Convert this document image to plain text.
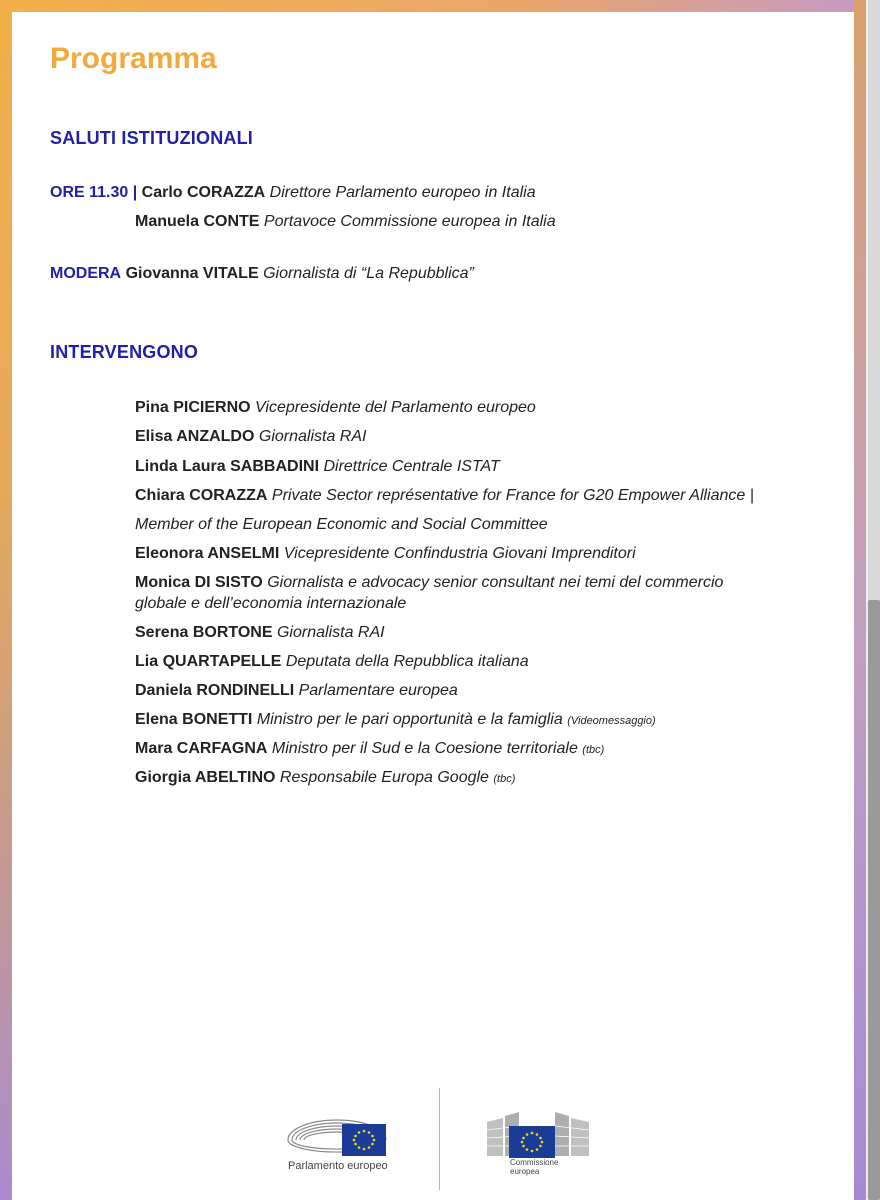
Programma
SALUTI ISTITUZIONALI
ORE 11.30 | Carlo CORAZZA Direttore Parlamento europeo in Italia
Manuela CONTE Portavoce Commissione europea in Italia
MODERA Giovanna VITALE Giornalista di “La Repubblica”
INTERVENGONO
Pina PICIERNO Vicepresidente del Parlamento europeo
Elisa ANZALDO Giornalista RAI
Linda Laura SABBADINI Direttrice Centrale ISTAT
Chiara CORAZZA Private Sector représentative for France for G20 Empower Alliance |
Member of the European Economic and Social Committee
Eleonora ANSELMI Vicepresidente Confindustria Giovani Imprenditori
Monica DI SISTO Giornalista e advocacy senior consultant nei temi del commercio
globale e dell’economia internazionale
Serena BORTONE Giornalista RAI
Lia QUARTAPELLE Deputata della Repubblica italiana
Daniela RONDINELLI Parlamentare europea
Elena BONETTI Ministro per le pari opportunità e la famiglia (Videomessaggio)
Mara CARFAGNA Ministro per il Sud e la Coesione territoriale (tbc)
Giorgia ABELTINO Responsabile Europa Google (tbc)
Parlamento europeo	Commissione
europea
